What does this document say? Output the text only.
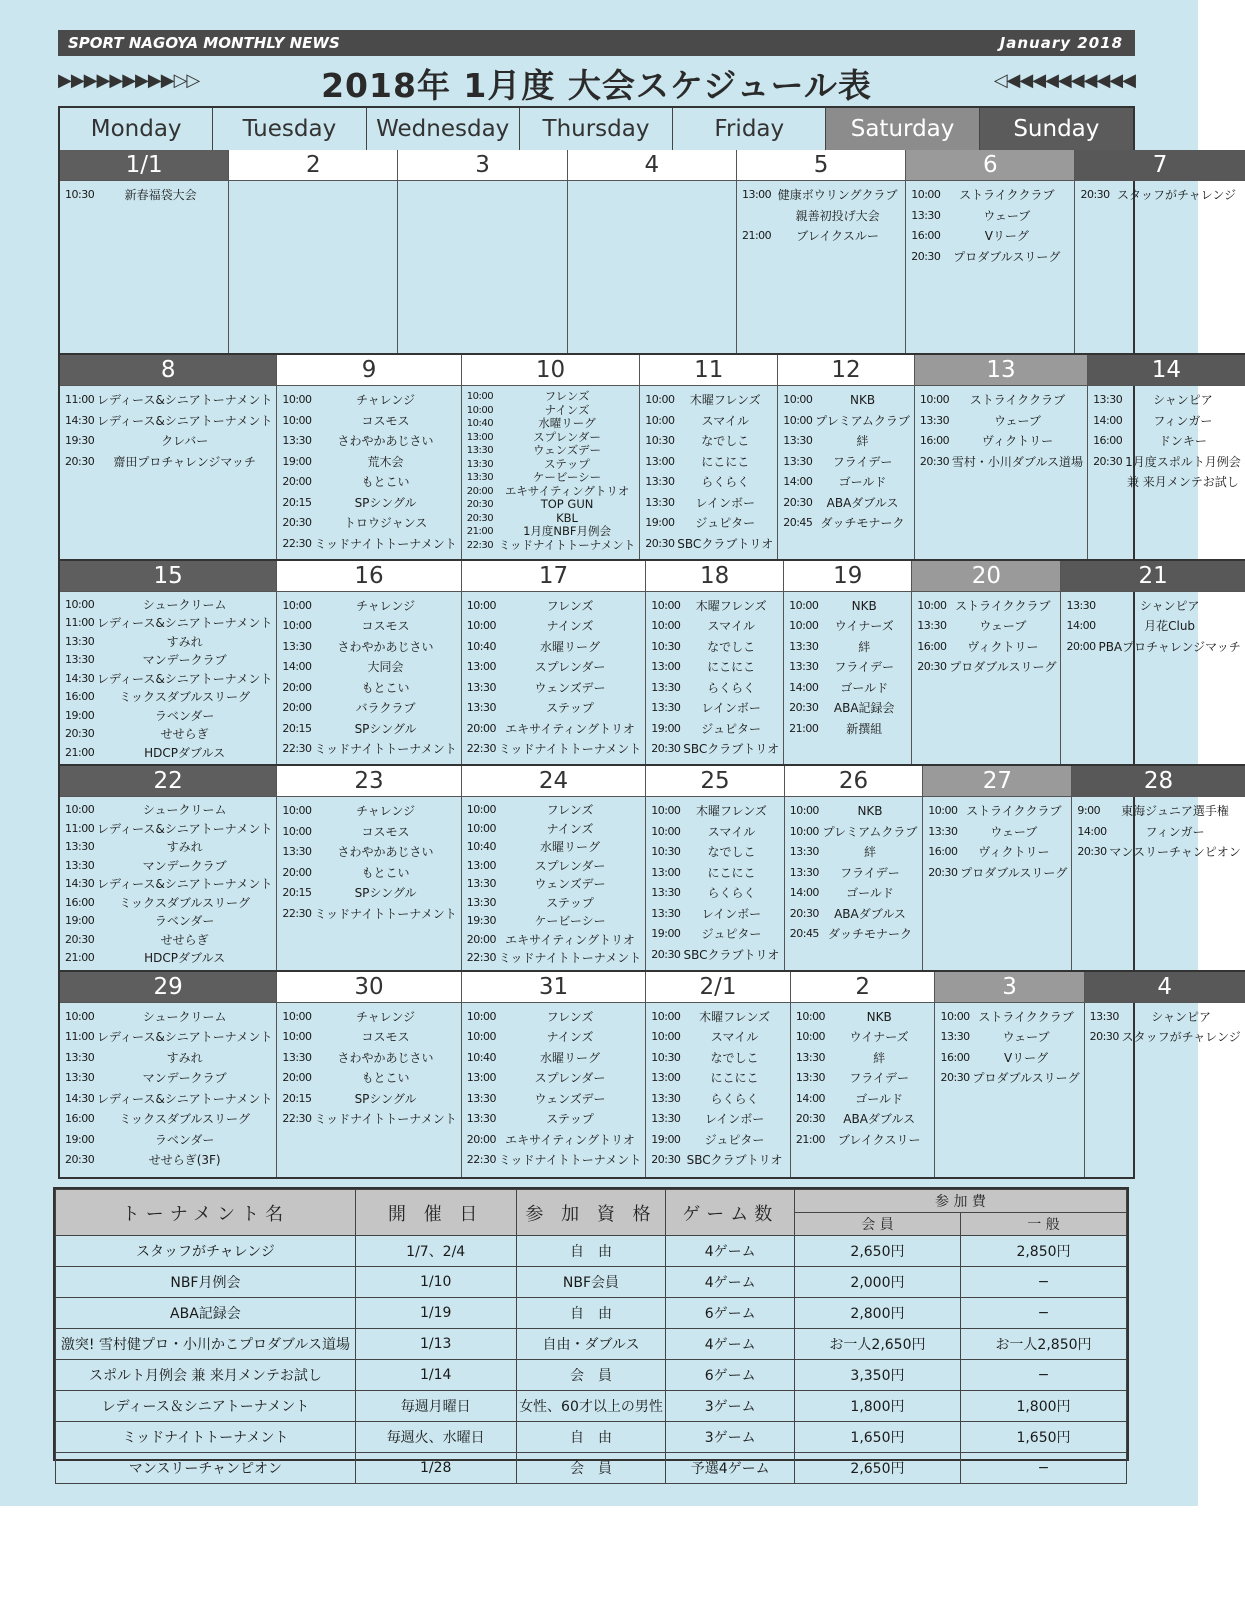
SPORT NAGOYA MONTHLY NEWS	January 2018
▶▶▶▶▶▶▶▶▶▷▷	2018年 1月度 大会スケジュール表	◁◀◀◀◀◀◀◀◀◀◀
Monday	Tuesday	Wednesday	Thursday	Friday	Saturday	Sunday
1/1
10:30	新春福袋大会
2	3	4	5
13:00 健康ボウリングクラブ
親善初投げ大会
21:00	ブレイクスルー
6
10:00	ストライククラブ
13:30	ウェーブ
16:00	Vリーグ
20:30	プロダブルスリーグ
7
20:30 スタッフがチャレンジ
8
11:00 レディース&シニアトーナメント
14:30 レディース&シニアトーナメント
19:30	クレバー
20:30	齋田プロチャレンジマッチ
9
10:00	チャレンジ
10:00	コスモス
13:30	さわやかあじさい
19:00	荒木会
20:00	もとこい
20:15	SPシングル
20:30	トロウジャンス
22:30 ミッドナイトトーナメント
10
10:00	フレンズ
10:00	ナインズ
10:40	水曜リーグ
13:00	スプレンダー
13:30	ウェンズデー
13:30	ステップ
13:30	ケービーシー
20:00	エキサイティングトリオ
20:30	TOP GUN
20:30	KBL
21:00	1月度NBF月例会
22:30 ミッドナイトトーナメント
11
10:00	木曜フレンズ
10:00	スマイル
10:30	なでしこ
13:00	にこにこ
13:30	らくらく
13:30	レインボー
19:00	ジュピター
20:30 SBCクラブトリオ
12
10:00	NKB
10:00 プレミアムクラブ
13:30	絆
13:30	フライデー
14:00	ゴールド
20:30	ABAダブルス
20:45 ダッチモナーク
13
10:00	ストライククラブ
13:30	ウェーブ
16:00	ヴィクトリー
20:30 雪村・小川ダブルス道場
14
13:30	シャンピア
14:00	フィンガー
16:00	ドンキー
20:30 1月度スポルト月例会
兼 来月メンテお試し
15
10:00	シュークリーム
11:00 レディース&シニアトーナメント
13:30	すみれ
13:30	マンデークラブ
14:30 レディース&シニアトーナメント
16:00	ミックスダブルスリーグ
19:00	ラベンダー
20:30	せせらぎ
21:00	HDCPダブルス
16
10:00	チャレンジ
10:00	コスモス
13:30	さわやかあじさい
14:00	大同会
20:00	もとこい
20:00	バラクラブ
20:15	SPシングル
22:30 ミッドナイトトーナメント
17
10:00	フレンズ
10:00	ナインズ
10:40	水曜リーグ
13:00	スプレンダー
13:30	ウェンズデー
13:30	ステップ
20:00 エキサイティングトリオ
22:30 ミッドナイトトーナメント
18
10:00	木曜フレンズ
10:00	スマイル
10:30	なでしこ
13:00	にこにこ
13:30	らくらく
13:30	レインボー
19:00	ジュピター
20:30 SBCクラブトリオ
19
10:00	NKB
10:00	ウイナーズ
13:30	絆
13:30	フライデー
14:00	ゴールド
20:30	ABA記録会
21:00	新撰組
20
10:00 ストライククラブ
13:30	ウェーブ
16:00	ヴィクトリー
20:30 プロダブルスリーグ
21
13:30	シャンピア
14:00	月花Club
20:00 PBAプロチャレンジマッチ
22
10:00	シュークリーム
11:00 レディース&シニアトーナメント
13:30	すみれ
13:30	マンデークラブ
14:30 レディース&シニアトーナメント
16:00	ミックスダブルスリーグ
19:00	ラベンダー
20:30	せせらぎ
21:00	HDCPダブルス
23
10:00	チャレンジ
10:00	コスモス
13:30	さわやかあじさい
20:00	もとこい
20:15	SPシングル
22:30 ミッドナイトトーナメント
24
10:00	フレンズ
10:00	ナインズ
10:40	水曜リーグ
13:00	スプレンダー
13:30	ウェンズデー
13:30	ステップ
19:30	ケービーシー
20:00 エキサイティングトリオ
22:30 ミッドナイトトーナメント
25
10:00	木曜フレンズ
10:00	スマイル
10:30	なでしこ
13:00	にこにこ
13:30	らくらく
13:30	レインボー
19:00	ジュピター
20:30 SBCクラブトリオ
26
10:00	NKB
10:00 プレミアムクラブ
13:30	絆
13:30	フライデー
14:00	ゴールド
20:30	ABAダブルス
20:45 ダッチモナーク
27
10:00 ストライククラブ
13:30	ウェーブ
16:00	ヴィクトリー
20:30 プロダブルスリーグ
28
9:00	東海ジュニア選手権
14:00	フィンガー
20:30 マンスリーチャンピオン
29
10:00	シュークリーム
11:00 レディース&シニアトーナメント
13:30	すみれ
13:30	マンデークラブ
14:30 レディース&シニアトーナメント
16:00	ミックスダブルスリーグ
19:00	ラベンダー
20:30	せせらぎ(3F)
30
10:00	チャレンジ
10:00	コスモス
13:30	さわやかあじさい
20:00	もとこい
20:15	SPシングル
22:30 ミッドナイトトーナメント
31
10:00	フレンズ
10:00	ナインズ
10:40	水曜リーグ
13:00	スプレンダー
13:30	ウェンズデー
13:30	ステップ
20:00 エキサイティングトリオ
22:30 ミッドナイトトーナメント
2/1
10:00	木曜フレンズ
10:00	スマイル
10:30	なでしこ
13:00	にこにこ
13:30	らくらく
13:30	レインボー
19:00	ジュピター
20:30 SBCクラブトリオ
2
10:00	NKB
10:00	ウイナーズ
13:30	絆
13:30	フライデー
14:00	ゴールド
20:30	ABAダブルス
21:00	ブレイクスリー
3
10:00 ストライククラブ
13:30	ウェーブ
16:00	Vリーグ
20:30 プロダブルスリーグ
4
13:30	シャンピア
20:30 スタッフがチャレンジ
トーナメント名	開 催 日	参 加 資 格	ゲーム数	参 加 費	
				会 員	一 般
スタッフがチャレンジ	1/7、2/4	自　由	4ゲーム	2,650円	2,850円
NBF月例会	1/10	NBF会員	4ゲーム	2,000円	−
ABA記録会	1/19	自　由	6ゲーム	2,800円	−
激突! 雪村健プロ・小川かこプロダブルス道場	1/13	自由・ダブルス	4ゲーム	お一人2,650円	お一人2,850円
スポルト月例会 兼 来月メンテお試し	1/14	会　員	6ゲーム	3,350円	−
レディース＆シニアトーナメント	毎週月曜日	女性、60才以上の男性	3ゲーム	1,800円	1,800円
ミッドナイトトーナメント	毎週火、水曜日	自　由	3ゲーム	1,650円	1,650円
マンスリーチャンピオン	1/28	会　員	予選4ゲーム	2,650円	−
